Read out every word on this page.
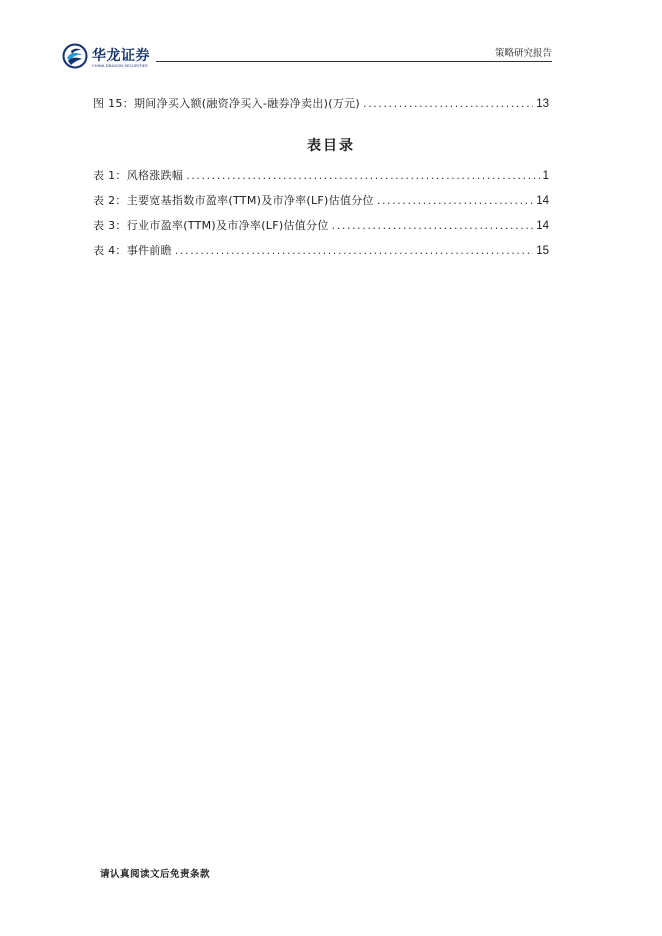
华龙证券
CHINA DRAGON SECURITIES
策略研究报告
图 15：期间净买入额(融资净买入-融券净卖出)(万元) .....	13
表目录
表 1：风格涨跌幅 .....	1
表 2：主要宽基指数市盈率(TTM)及市净率(LF)估值分位 .....	14
表 3：行业市盈率(TTM)及市净率(LF)估值分位 .....	14
表 4：事件前瞻 .....	15
请认真阅读文后免责条款
